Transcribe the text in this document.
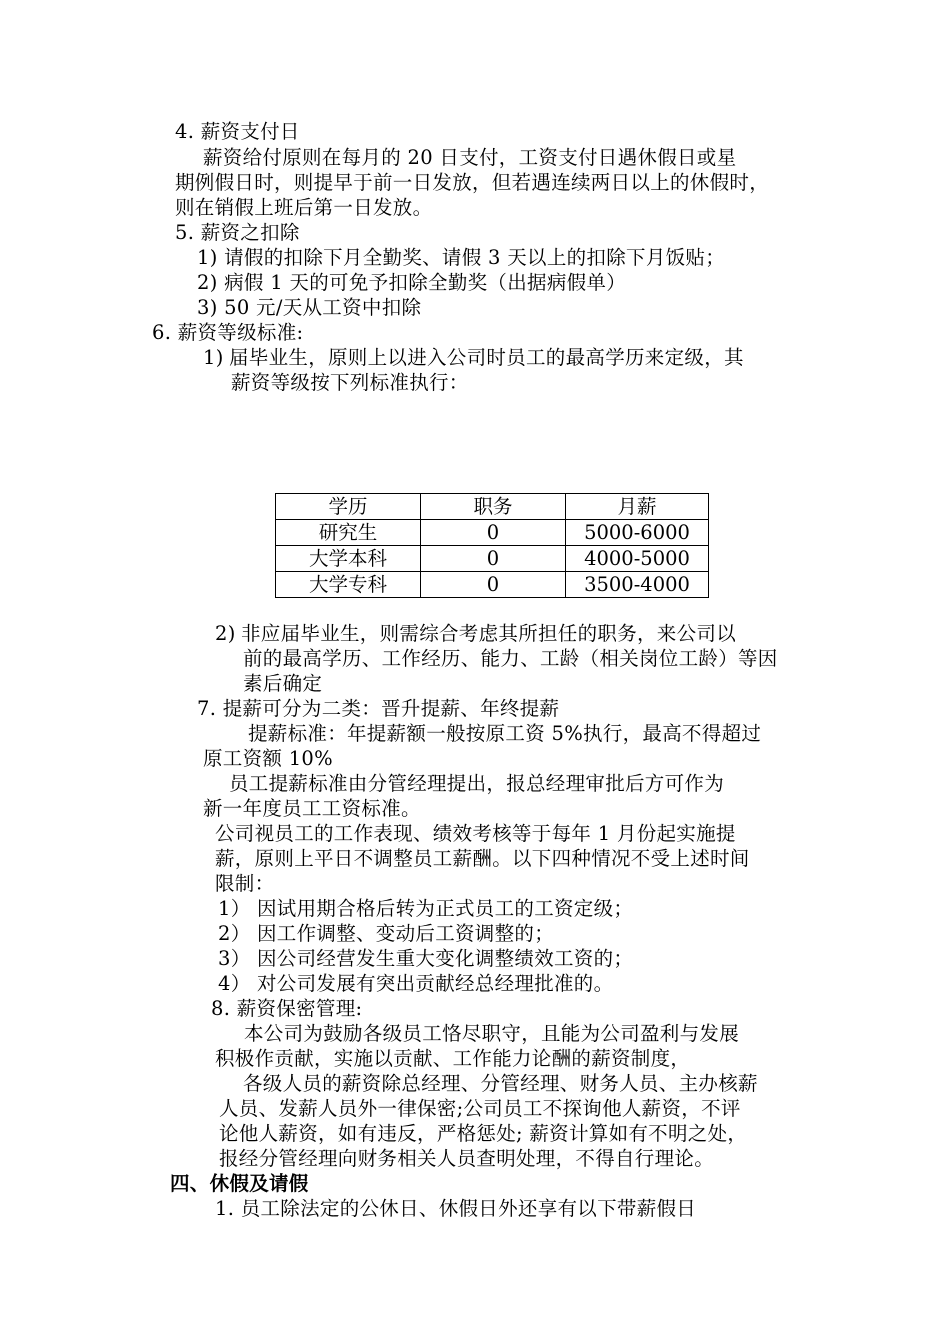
4. 薪资支付日
薪资给付原则在每月的 20 日支付，工资支付日遇休假日或星
期例假日时，则提早于前一日发放，但若遇连续两日以上的休假时，
则在销假上班后第一日发放。
5. 薪资之扣除
1) 请假的扣除下月全勤奖、请假 3 天以上的扣除下月饭贴；
2) 病假 1 天的可免予扣除全勤奖（出据病假单）
3) 50 元/天从工资中扣除
6. 薪资等级标准:
1) 届毕业生，原则上以进入公司时员工的最高学历来定级，其
薪资等级按下列标准执行：
学历	职务	月薪
研究生	0	5000-6000
大学本科	0	4000-5000
大学专科	0	3500-4000
2) 非应届毕业生，则需综合考虑其所担任的职务，来公司以
前的最高学历、工作经历、能力、工龄（相关岗位工龄）等因
素后确定
7. 提薪可分为二类：晋升提薪、年终提薪
提薪标准：年提薪额一般按原工资 5%执行，最高不得超过
原工资额 10%
员工提薪标准由分管经理提出，报总经理审批后方可作为
新一年度员工工资标准。
公司视员工的工作表现、绩效考核等于每年 1 月份起实施提
薪，原则上平日不调整员工薪酬。以下四种情况不受上述时间
限制：
1） 因试用期合格后转为正式员工的工资定级；
2） 因工作调整、变动后工资调整的；
3） 因公司经营发生重大变化调整绩效工资的；
4） 对公司发展有突出贡献经总经理批准的。
8. 薪资保密管理:
本公司为鼓励各级员工恪尽职守，且能为公司盈利与发展
积极作贡献，实施以贡献、工作能力论酬的薪资制度，
各级人员的薪资除总经理、分管经理、财务人员、主办核薪
人员、发薪人员外一律保密;公司员工不探询他人薪资，不评
论他人薪资，如有违反，严格惩处; 薪资计算如有不明之处，
报经分管经理向财务相关人员查明处理，不得自行理论。
四、休假及请假
1. 员工除法定的公休日、休假日外还享有以下带薪假日
